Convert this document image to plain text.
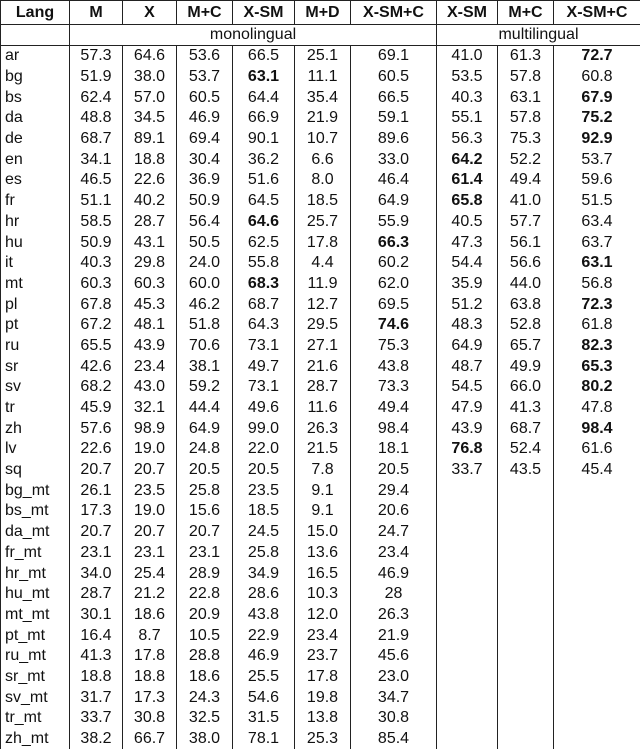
Lang	M	X	M+C	X-SM	M+D	X-SM+C	X-SM	M+C	X-SM+C
	monolingual						multilingual		
ar	57.3	64.6	53.6	66.5	25.1	69.1	41.0	61.3	72.7
bg	51.9	38.0	53.7	63.1	11.1	60.5	53.5	57.8	60.8
bs	62.4	57.0	60.5	64.4	35.4	66.5	40.3	63.1	67.9
da	48.8	34.5	46.9	66.9	21.9	59.1	55.1	57.8	75.2
de	68.7	89.1	69.4	90.1	10.7	89.6	56.3	75.3	92.9
en	34.1	18.8	30.4	36.2	6.6	33.0	64.2	52.2	53.7
es	46.5	22.6	36.9	51.6	8.0	46.4	61.4	49.4	59.6
fr	51.1	40.2	50.9	64.5	18.5	64.9	65.8	41.0	51.5
hr	58.5	28.7	56.4	64.6	25.7	55.9	40.5	57.7	63.4
hu	50.9	43.1	50.5	62.5	17.8	66.3	47.3	56.1	63.7
it	40.3	29.8	24.0	55.8	4.4	60.2	54.4	56.6	63.1
mt	60.3	60.3	60.0	68.3	11.9	62.0	35.9	44.0	56.8
pl	67.8	45.3	46.2	68.7	12.7	69.5	51.2	63.8	72.3
pt	67.2	48.1	51.8	64.3	29.5	74.6	48.3	52.8	61.8
ru	65.5	43.9	70.6	73.1	27.1	75.3	64.9	65.7	82.3
sr	42.6	23.4	38.1	49.7	21.6	43.8	48.7	49.9	65.3
sv	68.2	43.0	59.2	73.1	28.7	73.3	54.5	66.0	80.2
tr	45.9	32.1	44.4	49.6	11.6	49.4	47.9	41.3	47.8
zh	57.6	98.9	64.9	99.0	26.3	98.4	43.9	68.7	98.4
lv	22.6	19.0	24.8	22.0	21.5	18.1	76.8	52.4	61.6
sq	20.7	20.7	20.5	20.5	7.8	20.5	33.7	43.5	45.4
bg_mt	26.1	23.5	25.8	23.5	9.1	29.4			
bs_mt	17.3	19.0	15.6	18.5	9.1	20.6			
da_mt	20.7	20.7	20.7	24.5	15.0	24.7			
fr_mt	23.1	23.1	23.1	25.8	13.6	23.4			
hr_mt	34.0	25.4	28.9	34.9	16.5	46.9			
hu_mt	28.7	21.2	22.8	28.6	10.3	28			
mt_mt	30.1	18.6	20.9	43.8	12.0	26.3			
pt_mt	16.4	8.7	10.5	22.9	23.4	21.9			
ru_mt	41.3	17.8	28.8	46.9	23.7	45.6			
sr_mt	18.8	18.8	18.6	25.5	17.8	23.0			
sv_mt	31.7	17.3	24.3	54.6	19.8	34.7			
tr_mt	33.7	30.8	32.5	31.5	13.8	30.8			
zh_mt	38.2	66.7	38.0	78.1	25.3	85.4			
